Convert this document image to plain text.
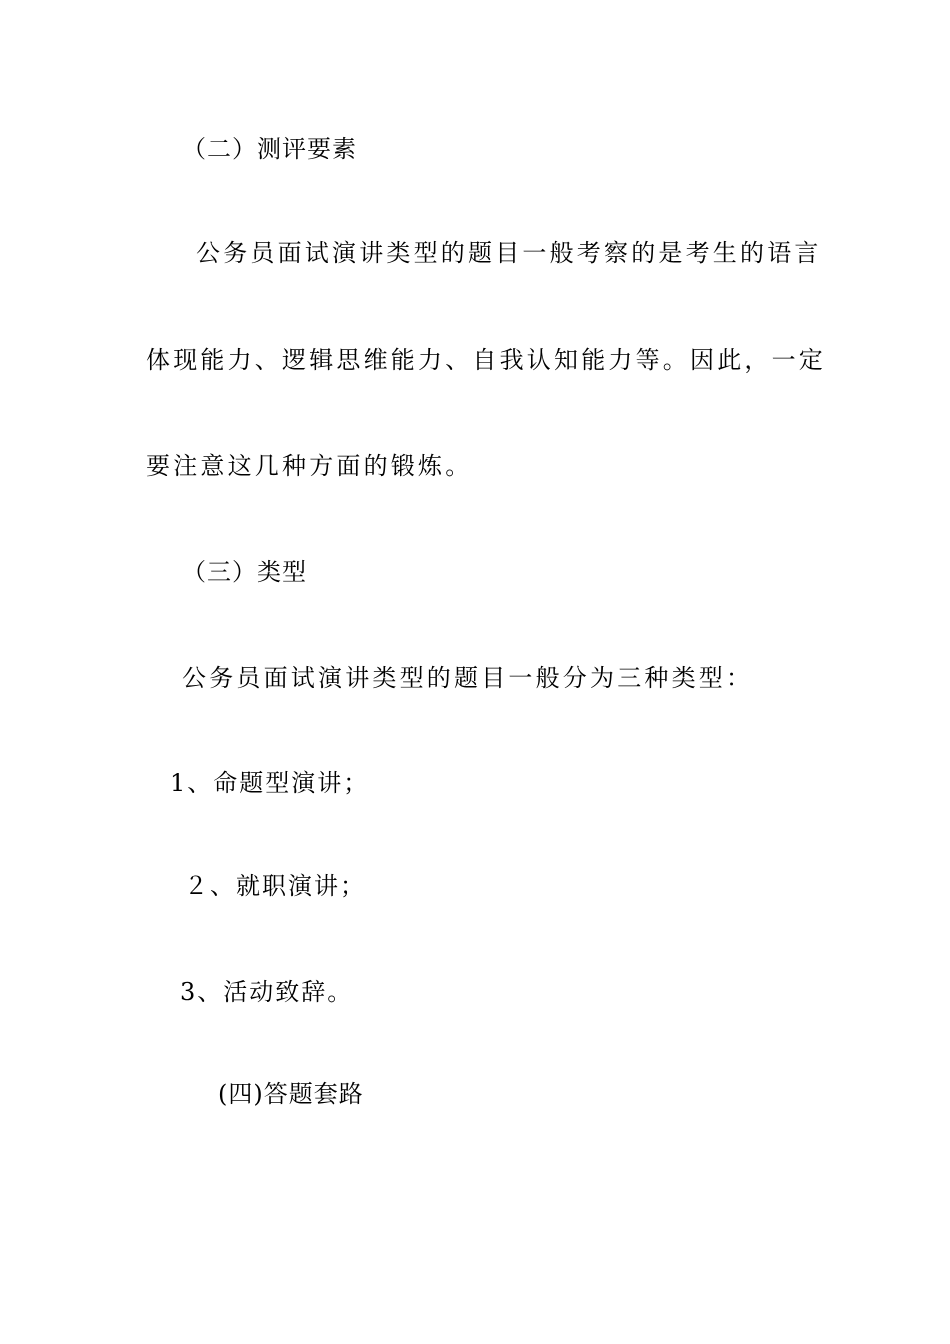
（二）测评要素
公务员面试演讲类型的题目一般考察的是考生的语言
体现能力、逻辑思维能力、自我认知能力等。因此，一定
要注意这几种方面的锻炼。
（三）类型
公务员面试演讲类型的题目一般分为三种类型：
1、命题型演讲；
２、就职演讲；
3、活动致辞。
(四)答题套路
